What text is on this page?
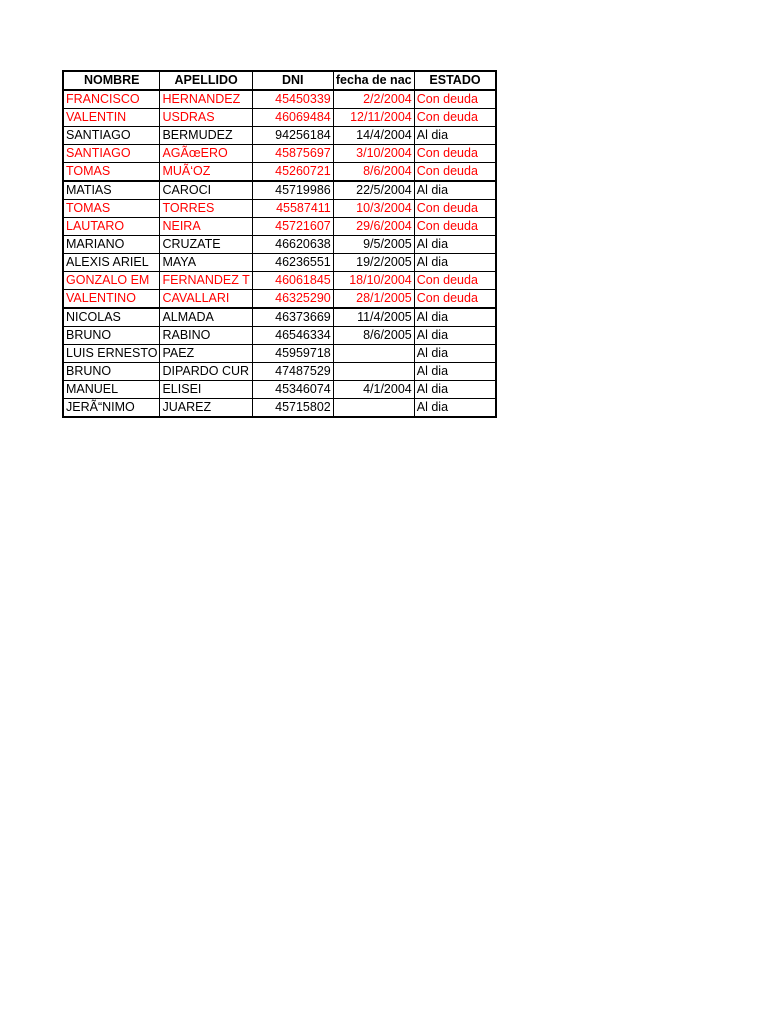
NOMBRE	APELLIDO	DNI	fecha de nac	ESTADO
FRANCISCO	HERNANDEZ	45450339	2/2/2004	Con deuda
VALENTIN	USDRAS	46069484	12/11/2004	Con deuda
SANTIAGO	BERMUDEZ	94256184	14/4/2004	Al dia
SANTIAGO	AGÃœERO	45875697	3/10/2004	Con deuda
TOMAS	MUÃ‘OZ	45260721	8/6/2004	Con deuda
MATIAS	CAROCI	45719986	22/5/2004	Al dia
TOMAS	TORRES	45587411	10/3/2004	Con deuda
LAUTARO	NEIRA	45721607	29/6/2004	Con deuda
MARIANO	CRUZATE	46620638	9/5/2005	Al dia
ALEXIS ARIEL	MAYA	46236551	19/2/2005	Al dia
GONZALO EM	FERNANDEZ T	46061845	18/10/2004	Con deuda
VALENTINO	CAVALLARI	46325290	28/1/2005	Con deuda
NICOLAS	ALMADA	46373669	11/4/2005	Al dia
BRUNO	RABINO	46546334	8/6/2005	Al dia
LUIS ERNESTO	PAEZ	45959718		Al dia
BRUNO	DIPARDO CUR	47487529		Al dia
MANUEL	ELISEI	45346074	4/1/2004	Al dia
JERÃ“NIMO	JUAREZ	45715802		Al dia
